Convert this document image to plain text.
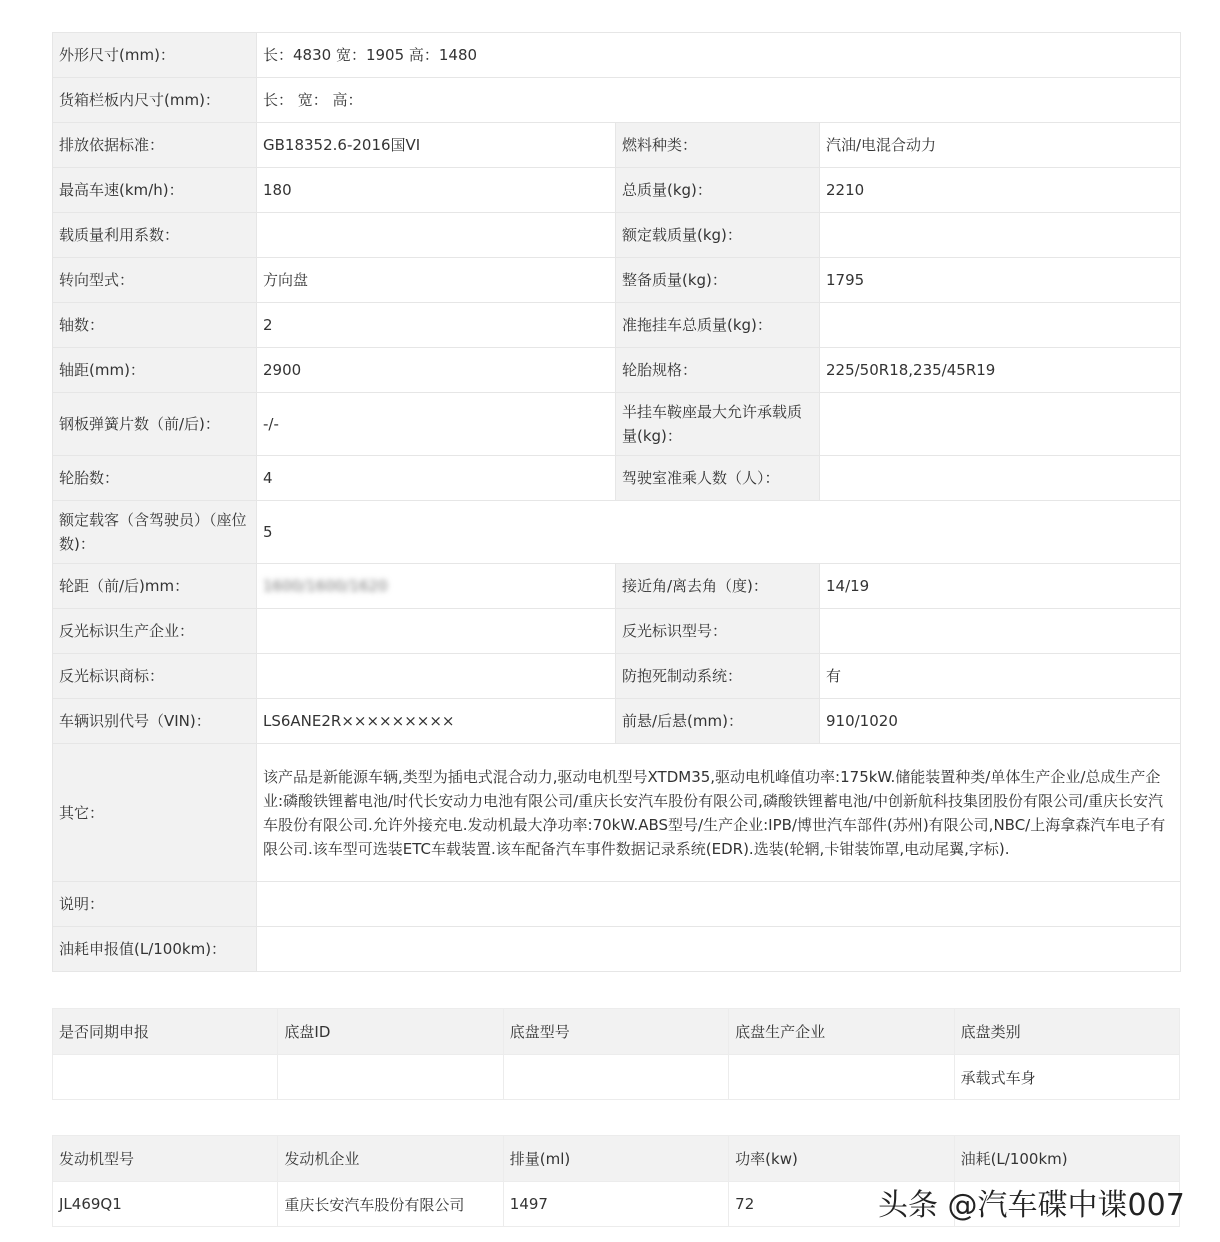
外形尺寸(mm)：	长：4830 宽：1905 高：1480		
货箱栏板内尺寸(mm)：	长： 宽： 高：		
排放依据标准：	GB18352.6-2016国VI	燃料种类：	汽油/电混合动力
最高车速(km/h)：	180	总质量(kg)：	2210
载质量利用系数：		额定载质量(kg)：	
转向型式：	方向盘	整备质量(kg)：	1795
轴数：	2	准拖挂车总质量(kg)：	
轴距(mm)：	2900	轮胎规格：	225/50R18,235/45R19
钢板弹簧片数（前/后)：	-/-	半挂车鞍座最大允许承载质量(kg)：	
轮胎数：	4	驾驶室准乘人数（人）：	
额定载客（含驾驶员）（座位数)：	5		
轮距（前/后)mm：	1600/1600/1620	接近角/离去角（度)：	14/19
反光标识生产企业：		反光标识型号：	
反光标识商标：		防抱死制动系统：	有
车辆识别代号（VIN)：	LS6ANE2R×××××××××	前悬/后悬(mm)：	910/1020
其它：	该产品是新能源车辆,类型为插电式混合动力,驱动电机型号XTDM35,驱动电机峰值功率:175kW.储能装置种类/单体生产企业/总成生产企业:磷酸铁锂蓄电池/时代长安动力电池有限公司/重庆长安汽车股份有限公司,磷酸铁锂蓄电池/中创新航科技集团股份有限公司/重庆长安汽车股份有限公司.允许外接充电.发动机最大净功率:70kW.ABS型号/生产企业:IPB/博世汽车部件(苏州)有限公司,NBC/上海拿森汽车电子有限公司.该车型可选装ETC车载装置.该车配备汽车事件数据记录系统(EDR).选装(轮辋,卡钳装饰罩,电动尾翼,字标).		
说明：			
油耗申报值(L/100km)：			
是否同期申报	底盘ID	底盘型号	底盘生产企业	底盘类别
				承载式车身
发动机型号	发动机企业	排量(ml)	功率(kw)	油耗(L/100km)
JL469Q1	重庆长安汽车股份有限公司	1497	72		头条 @汽车碟中谍007
